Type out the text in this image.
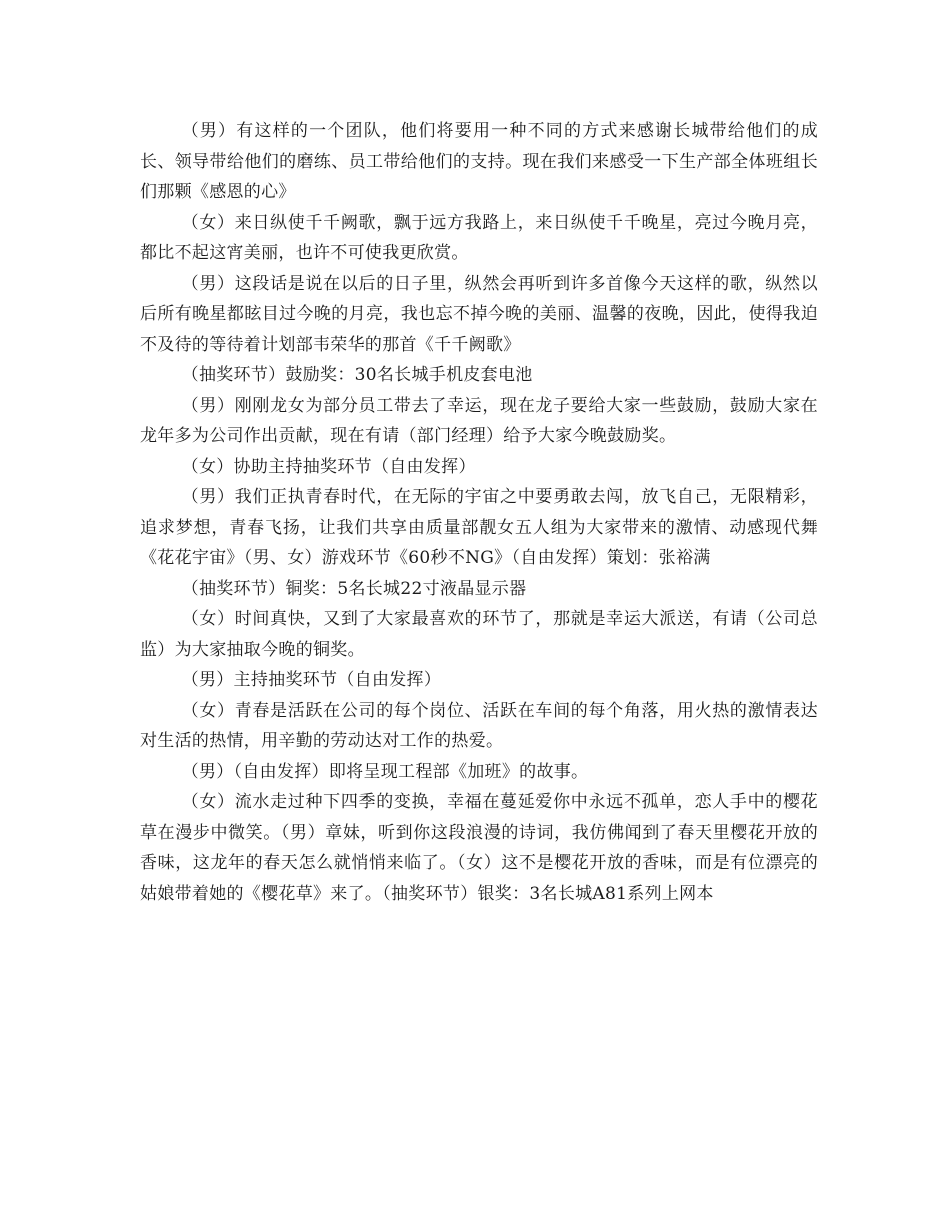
（男）有这样的一个团队，他们将要用一种不同的方式来感谢长城带给他们的成长、领导带给他们的磨练、员工带给他们的支持。现在我们来感受一下生产部全体班组长们那颗《感恩的心》

（女）来日纵使千千阙歌，飘于远方我路上，来日纵使千千晚星，亮过今晚月亮，都比不起这宵美丽，也许不可使我更欣赏。

（男）这段话是说在以后的日子里，纵然会再听到许多首像今天这样的歌，纵然以后所有晚星都眩目过今晚的月亮，我也忘不掉今晚的美丽、温馨的夜晚，因此，使得我迫不及待的等待着计划部韦荣华的那首《千千阙歌》

（抽奖环节）鼓励奖：30名长城手机皮套电池

（男）刚刚龙女为部分员工带去了幸运，现在龙子要给大家一些鼓励，鼓励大家在龙年多为公司作出贡献，现在有请（部门经理）给予大家今晚鼓励奖。

（女）协助主持抽奖环节（自由发挥）

（男）我们正执青春时代，在无际的宇宙之中要勇敢去闯，放飞自己，无限精彩，追求梦想，青春飞扬，让我们共享由质量部靓女五人组为大家带来的激情、动感现代舞《花花宇宙》（男、女）游戏环节《60秒不NG》（自由发挥）策划：张裕满

（抽奖环节）铜奖：5名长城22寸液晶显示器

（女）时间真快，又到了大家最喜欢的环节了，那就是幸运大派送，有请（公司总监）为大家抽取今晚的铜奖。

（男）主持抽奖环节（自由发挥）

（女）青春是活跃在公司的每个岗位、活跃在车间的每个角落，用火热的激情表达对生活的热情，用辛勤的劳动达对工作的热爱。

（男）（自由发挥）即将呈现工程部《加班》的故事。

（女）流水走过种下四季的变换，幸福在蔓延爱你中永远不孤单，恋人手中的樱花草在漫步中微笑。（男）章妹，听到你这段浪漫的诗词，我仿佛闻到了春天里樱花开放的香味，这龙年的春天怎么就悄悄来临了。（女）这不是樱花开放的香味，而是有位漂亮的姑娘带着她的《樱花草》来了。（抽奖环节）银奖：3名长城A81系列上网本
